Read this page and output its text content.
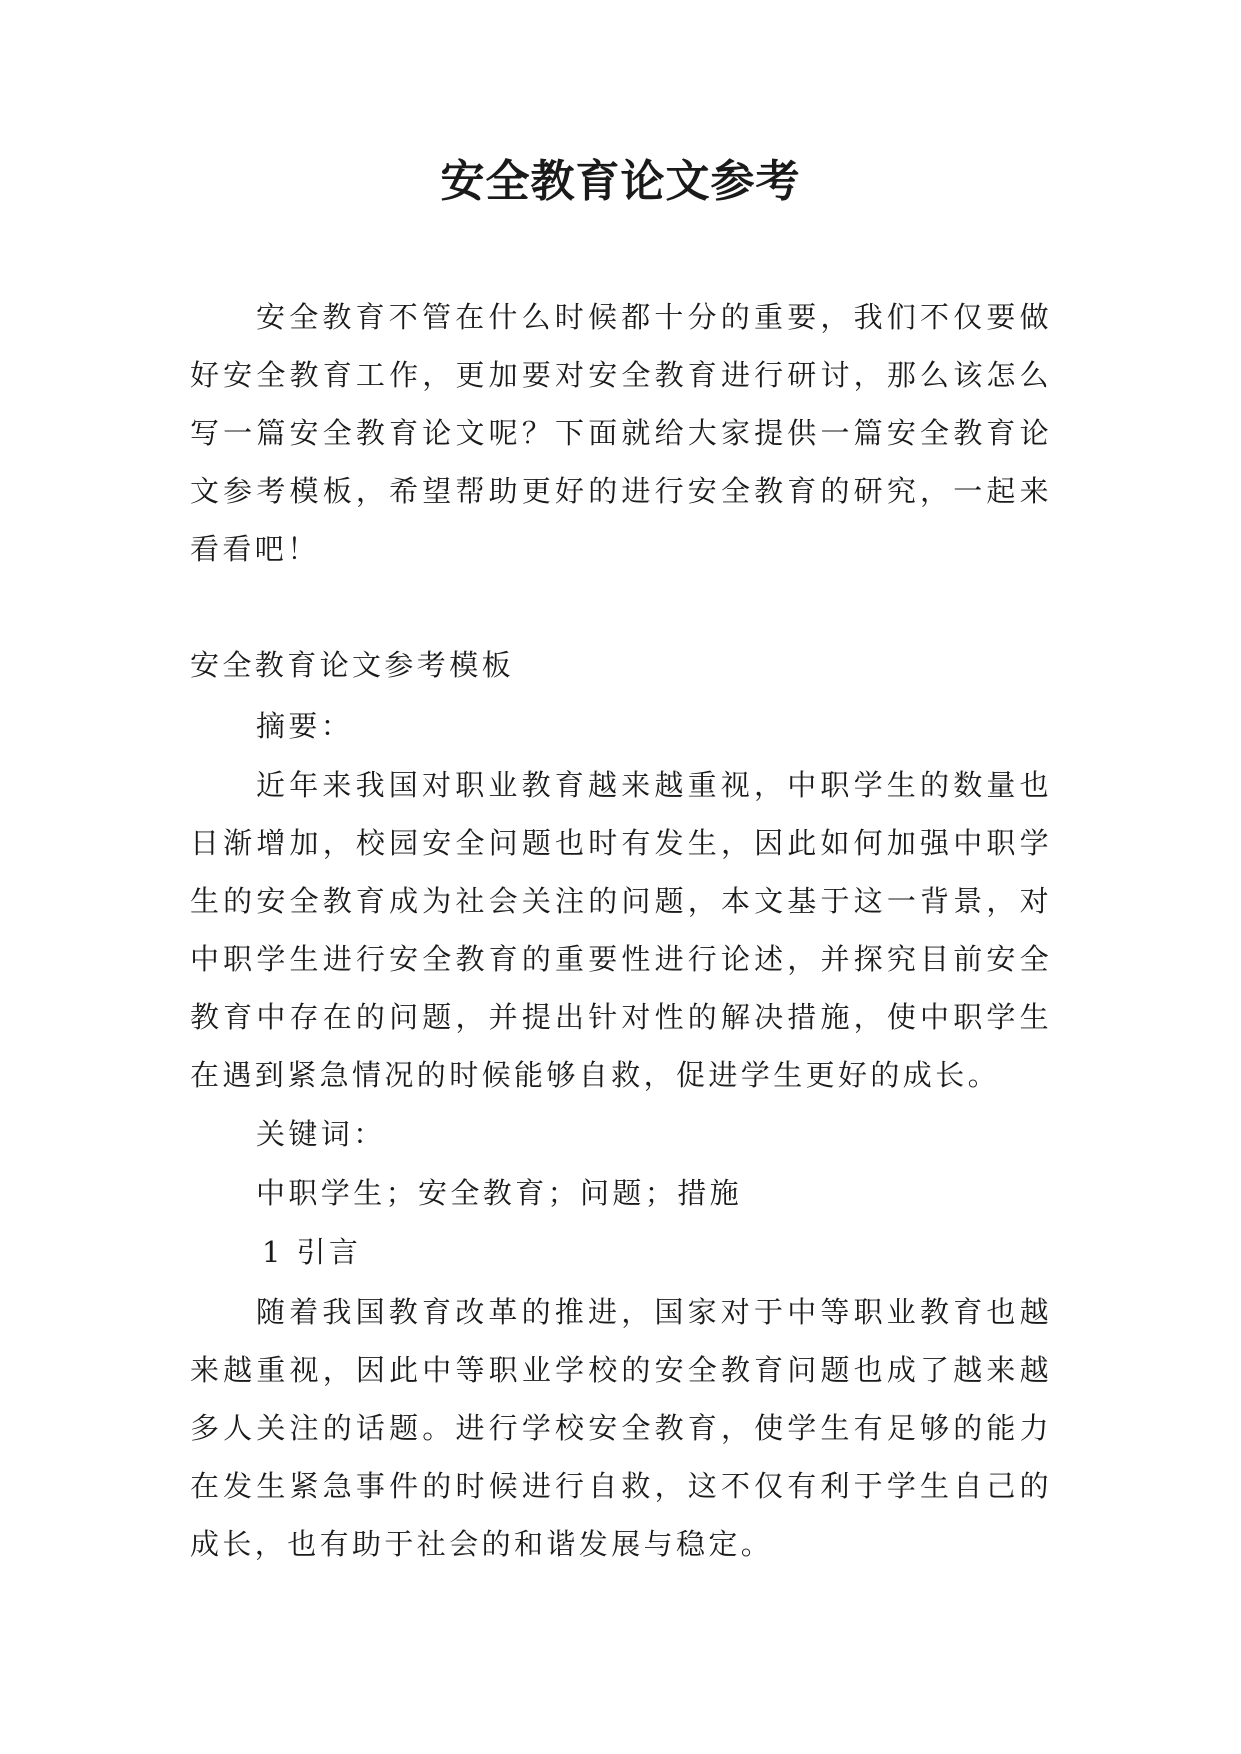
安全教育论文参考

安全教育不管在什么时候都十分的重要，我们不仅要做好安全教育工作，更加要对安全教育进行研讨，那么该怎么写一篇安全教育论文呢？下面就给大家提供一篇安全教育论文参考模板，希望帮助更好的进行安全教育的研究，一起来看看吧！

安全教育论文参考模板
摘要：

近年来我国对职业教育越来越重视，中职学生的数量也日渐增加，校园安全问题也时有发生，因此如何加强中职学生的安全教育成为社会关注的问题，本文基于这一背景，对中职学生进行安全教育的重要性进行论述，并探究目前安全教育中存在的问题，并提出针对性的解决措施，使中职学生在遇到紧急情况的时候能够自救，促进学生更好的成长。

关键词：
中职学生；安全教育；问题；措施
1 引言

随着我国教育改革的推进，国家对于中等职业教育也越来越重视，因此中等职业学校的安全教育问题也成了越来越多人关注的话题。进行学校安全教育，使学生有足够的能力在发生紧急事件的时候进行自救，这不仅有利于学生自己的成长，也有助于社会的和谐发展与稳定。
